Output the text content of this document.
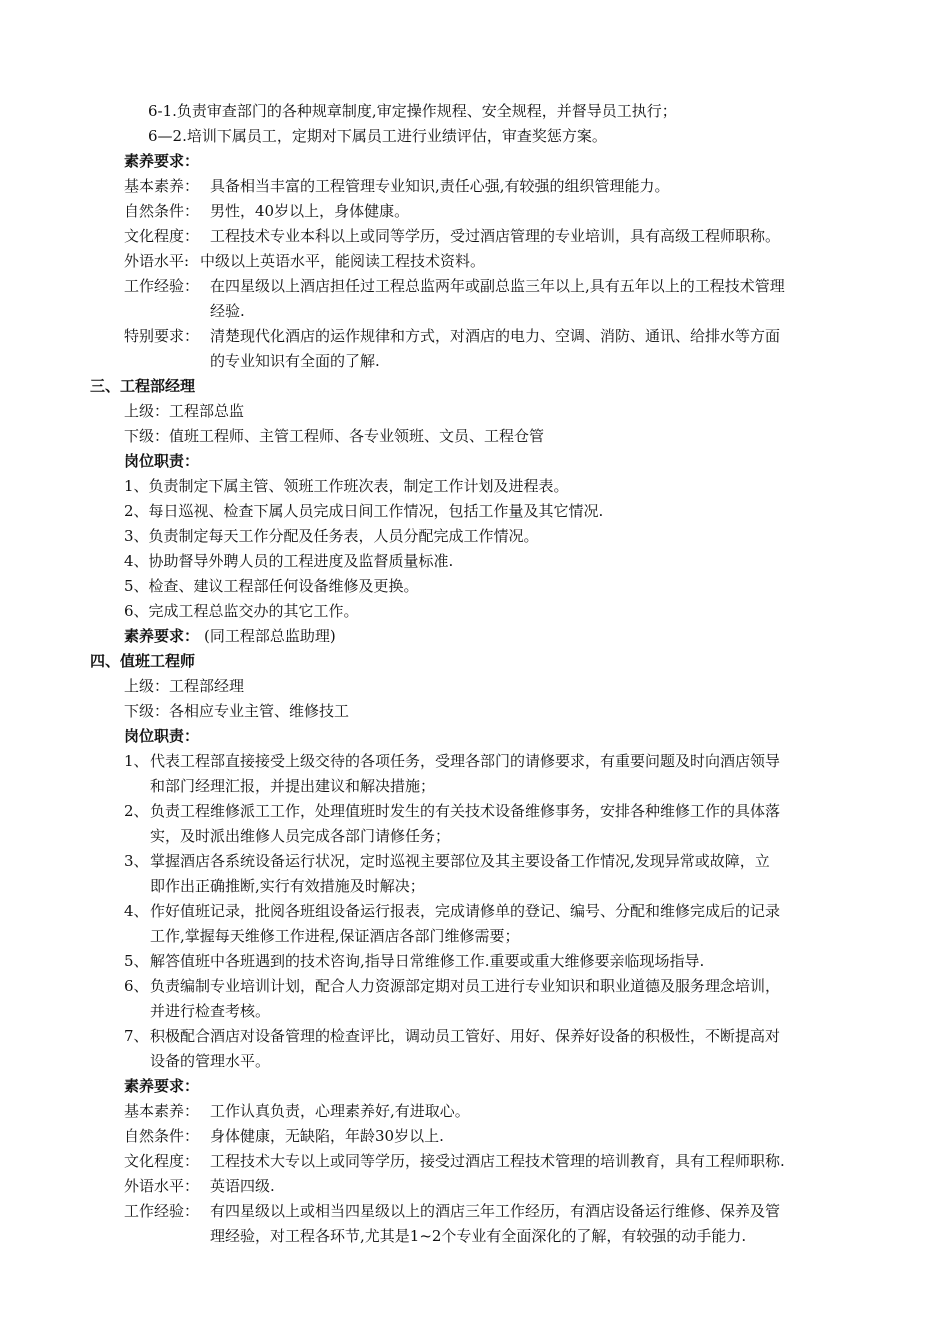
6-1.负责审查部门的各种规章制度,审定操作规程、安全规程，并督导员工执行；
6—2.培训下属员工，定期对下属员工进行业绩评估，审查奖惩方案。
素养要求：
基本素养： 具备相当丰富的工程管理专业知识,责任心强,有较强的组织管理能力。
自然条件： 男性，40岁以上，身体健康。
文化程度： 工程技术专业本科以上或同等学历，受过酒店管理的专业培训，具有高级工程师职称。
外语水平: 中级以上英语水平，能阅读工程技术资料。
工作经验： 在四星级以上酒店担任过工程总监两年或副总监三年以上,具有五年以上的工程技术管理
经验.
特别要求： 清楚现代化酒店的运作规律和方式，对酒店的电力、空调、消防、通讯、给排水等方面
的专业知识有全面的了解.
三、工程部经理
上级：工程部总监
下级：值班工程师、主管工程师、各专业领班、文员、工程仓管
岗位职责：
1、负责制定下属主管、领班工作班次表，制定工作计划及进程表。
2、每日巡视、检查下属人员完成日间工作情况，包括工作量及其它情况.
3、负责制定每天工作分配及任务表，人员分配完成工作情况。
4、协助督导外聘人员的工程进度及监督质量标准.
5、检查、建议工程部任何设备维修及更换。
6、完成工程总监交办的其它工作。
素养要求： (同工程部总监助理)
四、值班工程师
上级：工程部经理
下级：各相应专业主管、维修技工
岗位职责：
1、 代表工程部直接接受上级交待的各项任务，受理各部门的请修要求，有重要问题及时向酒店领导
和部门经理汇报，并提出建议和解决措施；
2、 负责工程维修派工工作，处理值班时发生的有关技术设备维修事务，安排各种维修工作的具体落
实，及时派出维修人员完成各部门请修任务；
3、 掌握酒店各系统设备运行状况，定时巡视主要部位及其主要设备工作情况,发现异常或故障，立
即作出正确推断,实行有效措施及时解决；
4、 作好值班记录，批阅各班组设备运行报表，完成请修单的登记、编号、分配和维修完成后的记录
工作,掌握每天维修工作进程,保证酒店各部门维修需要；
5、 解答值班中各班遇到的技术咨询,指导日常维修工作.重要或重大维修要亲临现场指导.
6、 负责编制专业培训计划，配合人力资源部定期对员工进行专业知识和职业道德及服务理念培训，
并进行检查考核。
7、 积极配合酒店对设备管理的检查评比，调动员工管好、用好、保养好设备的积极性，不断提高对
设备的管理水平。
素养要求：
基本素养： 工作认真负责，心理素养好,有进取心。
自然条件： 身体健康，无缺陷，年龄30岁以上.
文化程度： 工程技术大专以上或同等学历，接受过酒店工程技术管理的培训教育，具有工程师职称.
外语水平： 英语四级.
工作经验： 有四星级以上或相当四星级以上的酒店三年工作经历，有酒店设备运行维修、保养及管
理经验，对工程各环节,尤其是1~2个专业有全面深化的了解，有较强的动手能力.
